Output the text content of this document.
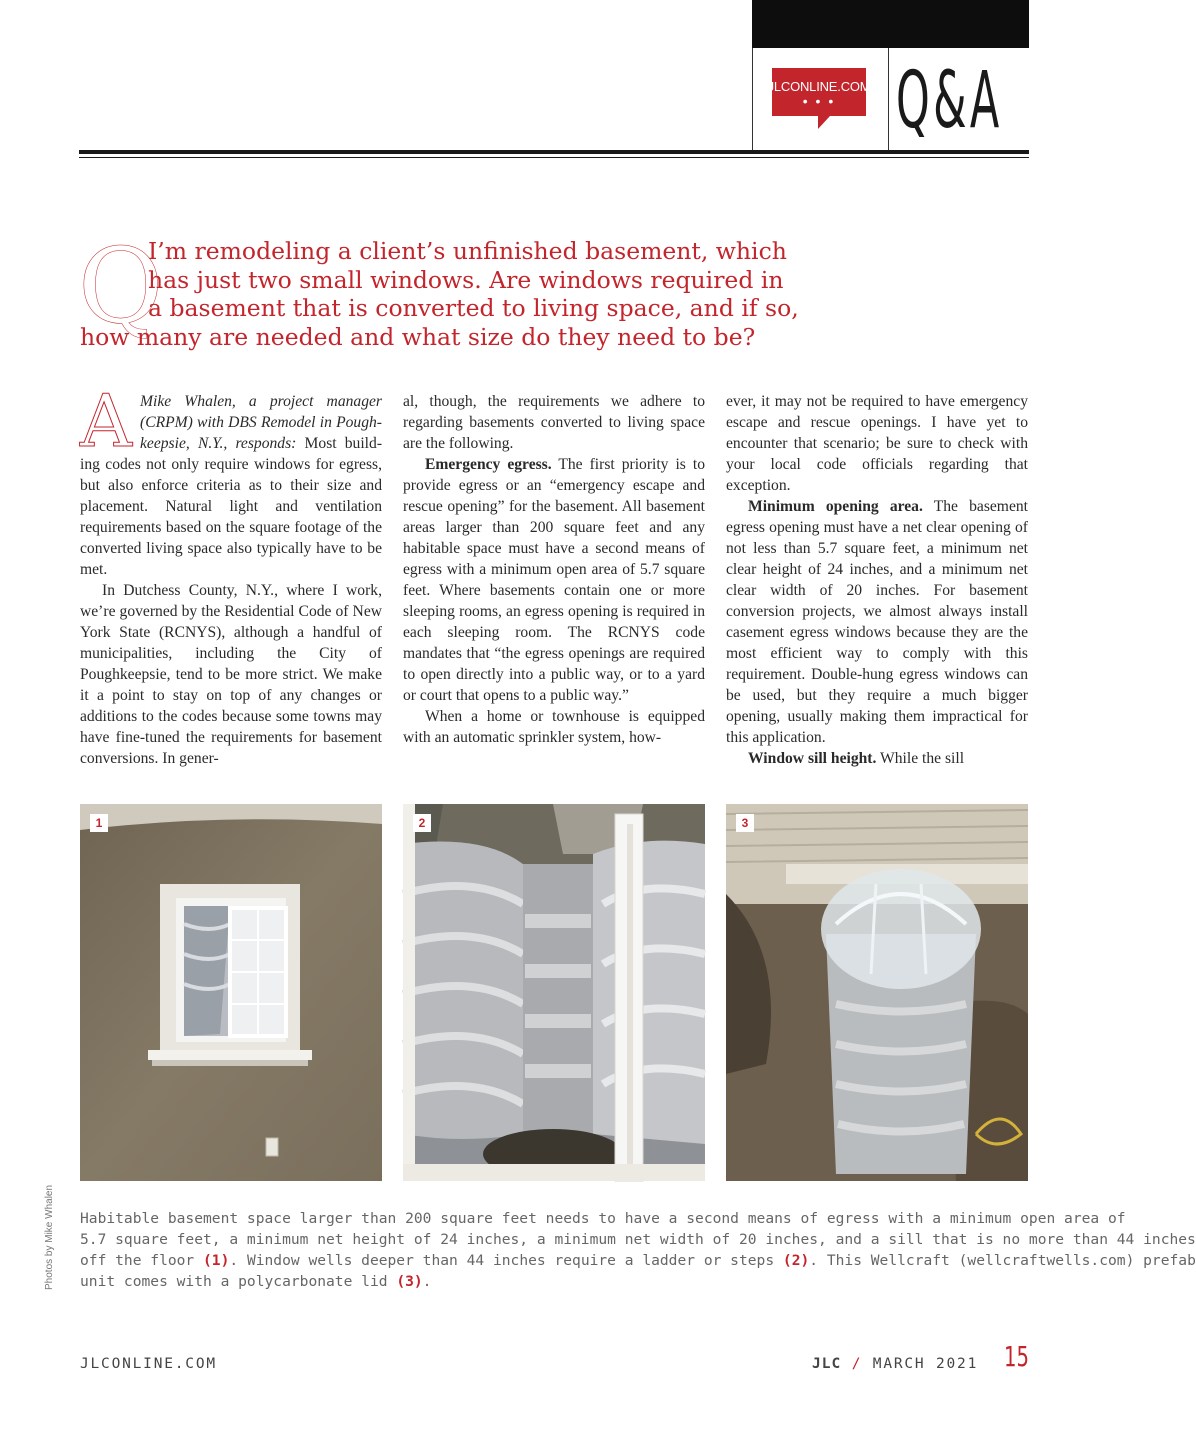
JLCONLINE.COM
• • • Q&A
Q
I’m remodeling a client’s unfinished basement, which
has just two small windows. Are windows required in
a basement that is converted to living space, and if so,
how many are needed and what size do they need to be?
A Mike Whalen, a project manager
(CRPM) with DBS Remodel in Pough-
keepsie, N.Y., responds: Most build-

ing codes not only require windows for egress, but also enforce criteria as to their size and placement. Natural light and ventilation requirements based on the square footage of the converted living space also typically have to be met.

In Dutchess County, N.Y., where I work, we’re governed by the Residential Code of New York State (RCNYS), although a handful of municipalities, including the City of Poughkeepsie, tend to be more strict. We make it a point to stay on top of any changes or additions to the codes because some towns may have fine-tuned the requirements for basement conversions. In gener-

al, though, the requirements we adhere to regarding basements converted to living space are the following.

Emergency egress. The first priority is to provide egress or an “emergency escape and rescue opening” for the basement. All basement areas larger than 200 square feet and any habitable space must have a second means of egress with a minimum open area of 5.7 square feet. Where basements contain one or more sleeping rooms, an egress opening is required in each sleeping room. The RCNYS code mandates that “the egress openings are required to open directly into a public way, or to a yard or court that opens to a public way.”

When a home or townhouse is equipped with an automatic sprinkler system, how-

ever, it may not be required to have emergency escape and rescue openings. I have yet to encounter that scenario; be sure to check with your local code officials regarding that exception.

Minimum opening area. The basement egress opening must have a net clear opening of not less than 5.7 square feet, a minimum net clear height of 24 inches, and a minimum net clear width of 20 inches. For basement conversion projects, we almost always install casement egress windows because they are the most efficient way to comply with this requirement. Double-hung egress windows can be used, but they require a much bigger opening, usually making them impractical for this application.

Window sill height. While the sill

1	2	3
Photos by Mike Whalen Habitable basement space larger than 200 square feet needs to have a second means of egress with a minimum open area of
5.7 square feet, a minimum net height of 24 inches, a minimum net width of 20 inches, and a sill that is no more than 44 inches
off the floor (1). Window wells deeper than 44 inches require a ladder or steps (2). This Wellcraft (wellcraftwells.com) prefab
unit comes with a polycarbonate lid (3).
JLCONLINE.COM	JLC / MARCH 2021 15
